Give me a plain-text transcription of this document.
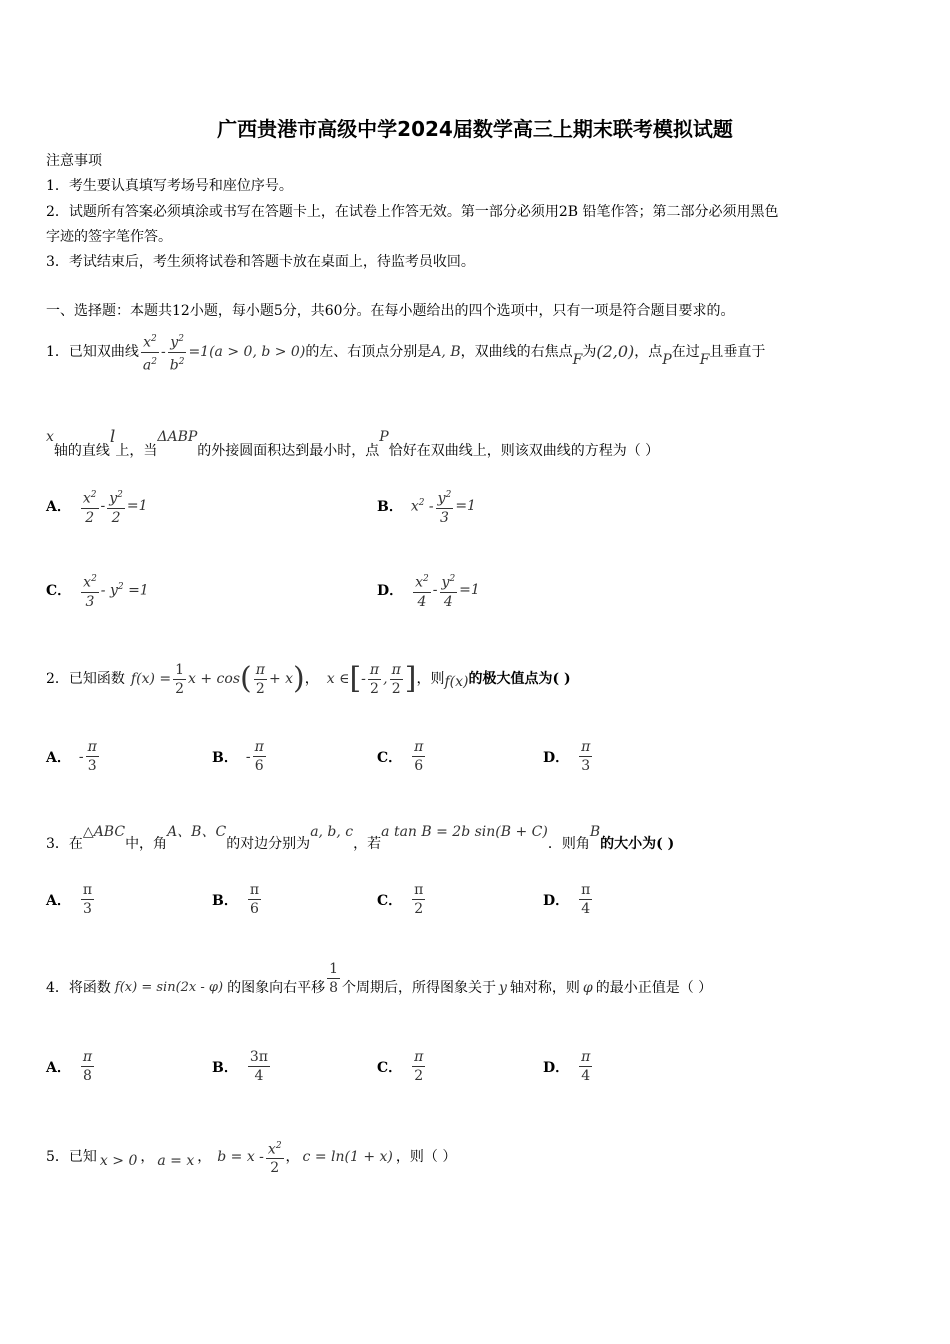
广西贵港市高级中学2024届数学高三上期末联考模拟试题
注意事项
1．考生要认真填写考场号和座位序号。
2．试题所有答案必须填涂或书写在答题卡上，在试卷上作答无效。第一部分必须用2B 铅笔作答；第二部分必须用黑色
字迹的签字笔作答。
3．考试结束后，考生须将试卷和答题卡放在桌面上，待监考员收回。
一、选择题：本题共12小题，每小题5分，共60分。在每小题给出的四个选项中，只有一项是符合题目要求的。
1．已知双曲线 $\frac{x^2}{a^2} - \frac{y^2}{b^2} =1$ (a > 0, b > 0) 的左、右顶点分别是 A, B ，双曲线的右焦点 F 为 (2,0) ，点 P 在过 F 且垂直于
x
轴的直线
l
上，当
ΔABP
的外接圆面积达到最小时，点
P
恰好在双曲线上，则该双曲线的方程为（ ）
A． $\frac{x^2}{2} - \frac{y^2}{2} =1$	B． $x^2 - \frac{y^2}{3} =1$
C． $\frac{x^2}{3} - y^2 =1$	D． $\frac{x^2}{4} - \frac{y^2}{4} =1$
2．已知函数 $f(x) = \frac{1}{2}$ x + cos ( $\frac{\pi}{2} + x$ ) ， x ∈ [ - $\frac{\pi}{2}$ , $\frac{\pi}{2}$ ] ，则 f(x) 的极大值点为( )
A． - $\frac{\pi}{3}$	B． - $\frac{\pi}{6}$	C． $\frac{\pi}{6}$	D． $\frac{\pi}{3}$
3．在
△ABC
中，角
A、B、C
的对边分别为
a, b, c
，若
a tan B = 2b sin(B + C)
．则角
B
的大小为( )
A． $\frac{\pi}{3}$	B． $\frac{\pi}{6}$	C． $\frac{\pi}{2}$	D． $\frac{\pi}{4}$
4．将函数 f(x) = sin(2x - φ) 的图象向右平移 $\frac{1}{8}$ 个周期后，所得图象关于 y 轴对称，则 φ 的最小正值是（ ）
A． $\frac{\pi}{8}$	B． $\frac{3\pi}{4}$	C． $\frac{\pi}{2}$	D． $\frac{\pi}{4}$
5．已知 x > 0 ， a = x ， $b = x - \frac{x^2}{2}$ ， c = ln(1 + x) ，则（ ）
